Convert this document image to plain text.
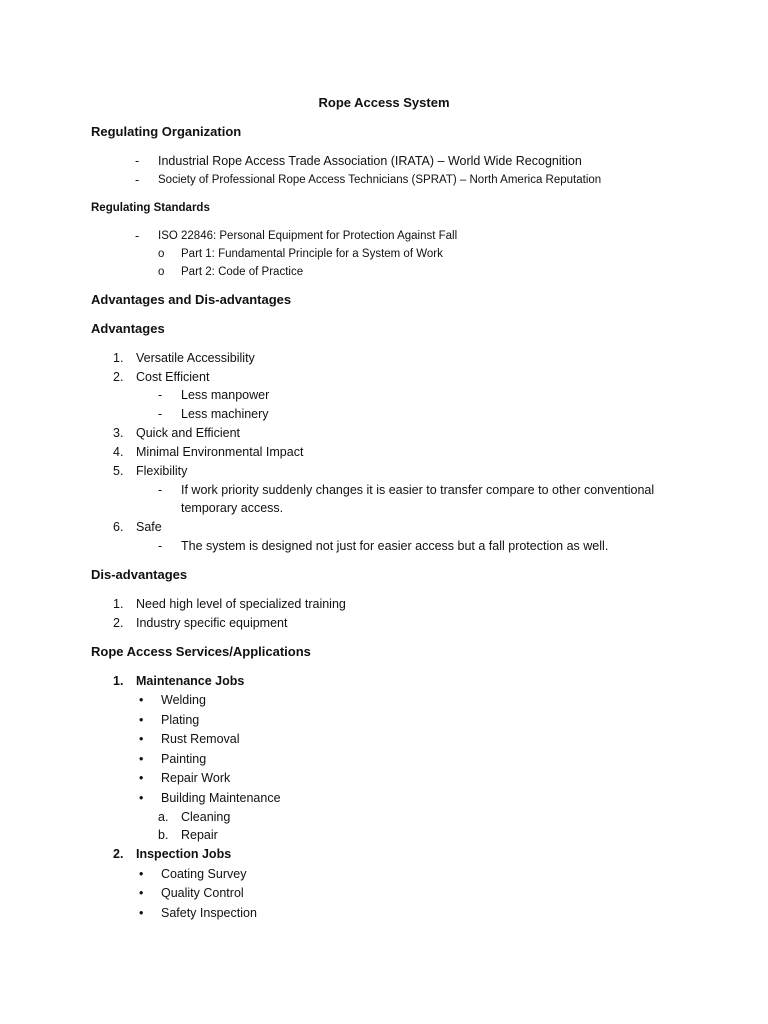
Rope Access System
Regulating Organization
- Industrial Rope Access Trade Association (IRATA) – World Wide Recognition
- Society of Professional Rope Access Technicians (SPRAT) – North America Reputation
Regulating Standards
- ISO 22846: Personal Equipment for Protection Against Fall
o Part 1: Fundamental Principle for a System of Work
o Part 2: Code of Practice
Advantages and Dis-advantages
Advantages
1. Versatile Accessibility
2. Cost Efficient
- Less manpower
- Less machinery
3. Quick and Efficient
4. Minimal Environmental Impact
5. Flexibility
- If work priority suddenly changes it is easier to transfer compare to other conventional
temporary access.
6. Safe
- The system is designed not just for easier access but a fall protection as well.
Dis-advantages
1. Need high level of specialized training
2. Industry specific equipment
Rope Access Services/Applications
1. Maintenance Jobs
• Welding
• Plating
• Rust Removal
• Painting
• Repair Work
• Building Maintenance
a. Cleaning
b. Repair
2. Inspection Jobs
• Coating Survey
• Quality Control
• Safety Inspection
